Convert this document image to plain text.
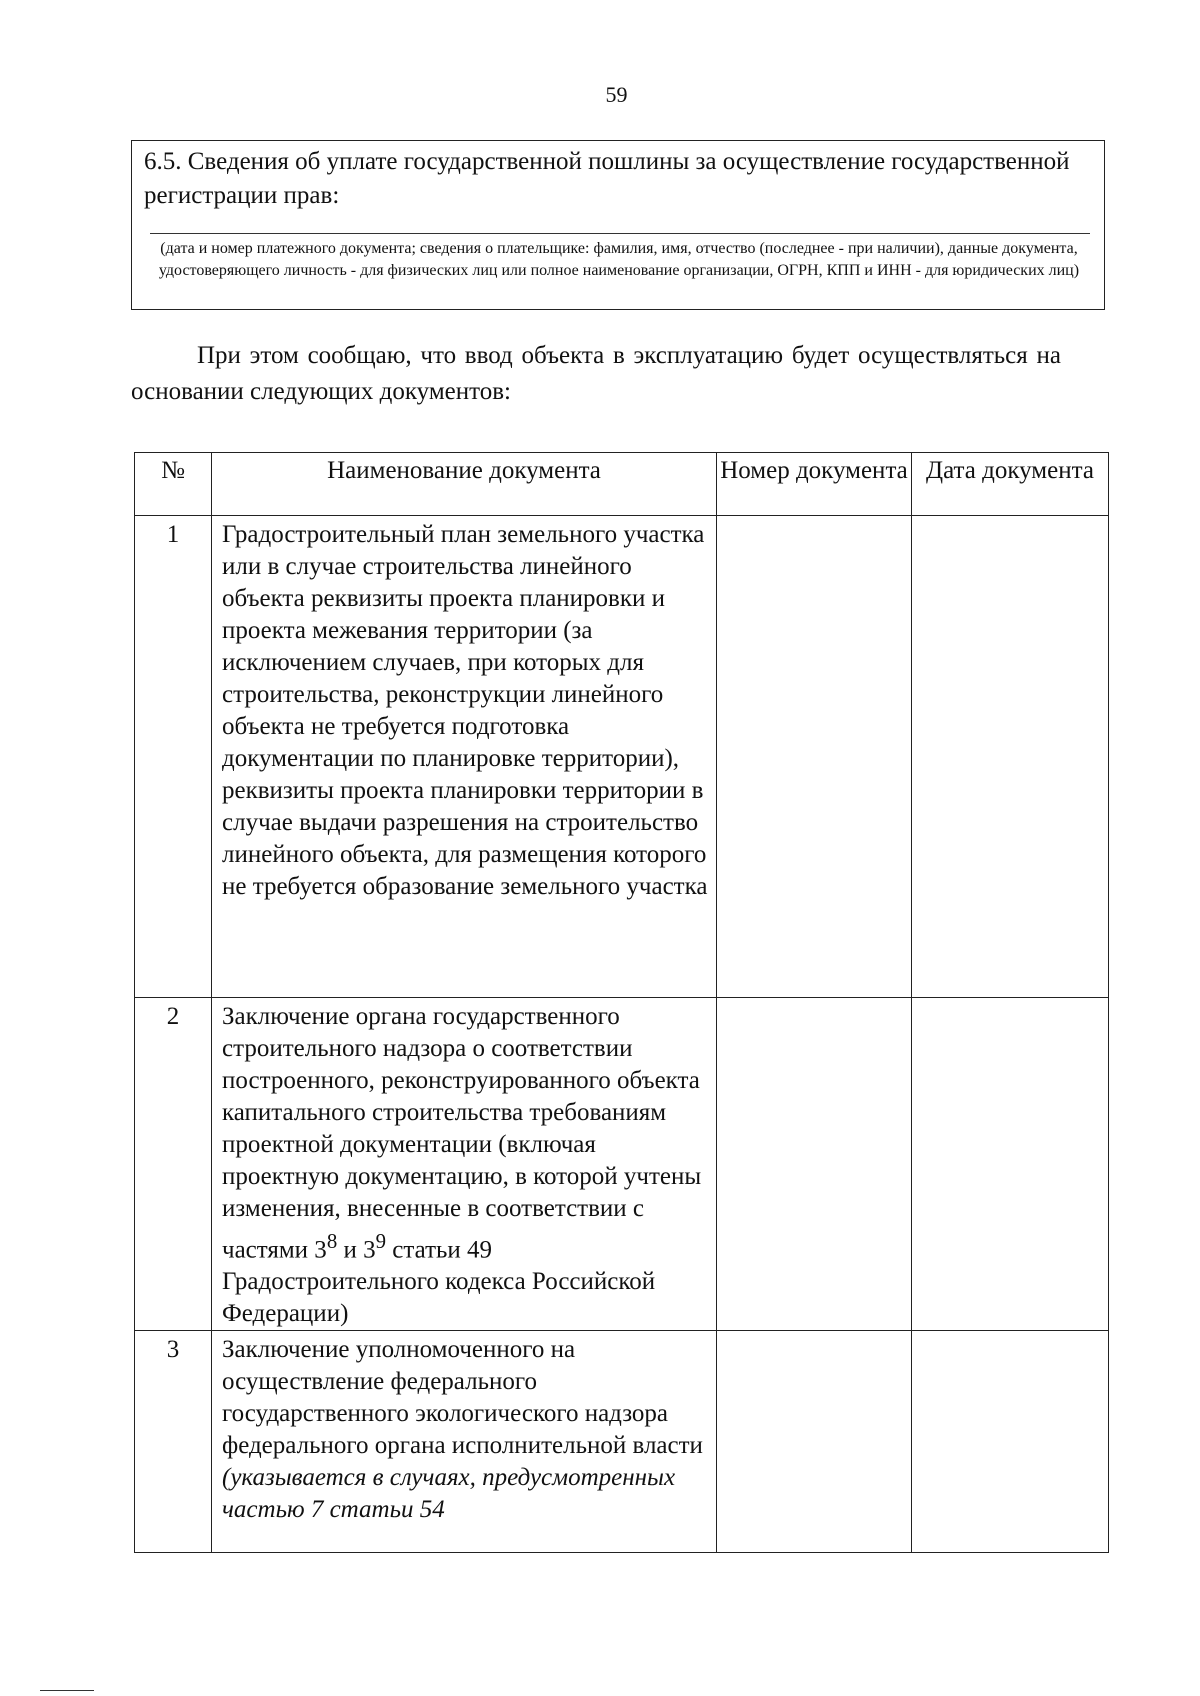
59
6.5. Сведения об уплате государственной пошлины за осуществление государственной регистрации прав:
(дата и номер платежного документа; сведения о плательщике: фамилия, имя, отчество (последнее - при наличии), данные документа, удостоверяющего личность - для физических лиц или полное наименование организации, ОГРН, КПП и ИНН - для юридических лиц)
При этом сообщаю, что ввод объекта в эксплуатацию будет осуществляться на основании следующих документов:
№	Наименование документа	Номер документа	Дата документа
1	Градостроительный план земельного участка или в случае строительства линейного объекта реквизиты проекта планировки и проекта межевания территории (за исключением случаев, при которых для строительства, реконструкции линейного объекта не требуется подготовка документации по планировке территории), реквизиты проекта планировки территории в случае выдачи разрешения на строительство линейного объекта, для размещения которого не требуется образование земельного участка		
2	Заключение органа государственного строительного надзора о соответствии построенного, реконструированного объекта капитального строительства требованиям проектной документации (включая проектную документацию, в которой учтены изменения, внесенные в соответствии с частями $3^8$ и $3^9$ статьи 49 Градостроительного кодекса Российской Федерации)		
3	Заключение уполномоченного на осуществление федерального государственного экологического надзора федерального органа исполнительной власти
(указывается в случаях, предусмотренных частью 7 статьи 54		
